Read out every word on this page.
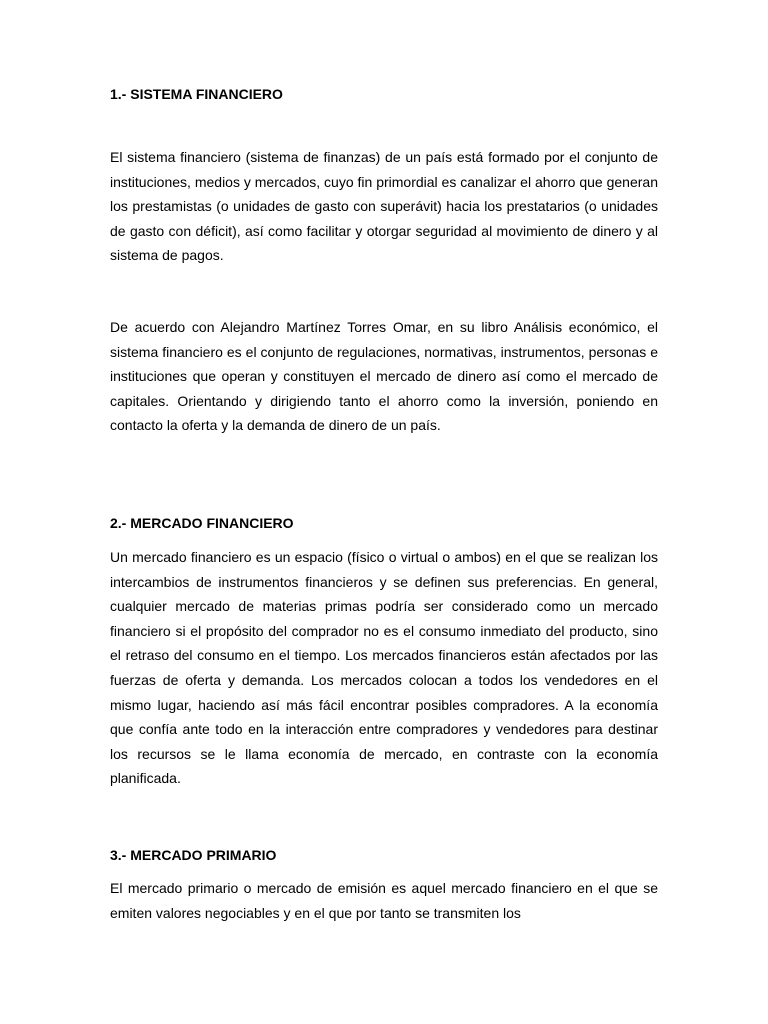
1.- SISTEMA FINANCIERO

El sistema financiero (sistema de finanzas) de un país está formado por el conjunto de instituciones, medios y mercados, cuyo fin primordial es canalizar el ahorro que generan los prestamistas (o unidades de gasto con superávit) hacia los prestatarios (o unidades de gasto con déficit), así como facilitar y otorgar seguridad al movimiento de dinero y al sistema de pagos.

De acuerdo con Alejandro Martínez Torres Omar, en su libro Análisis económico, el sistema financiero es el conjunto de regulaciones, normativas, instrumentos, personas e instituciones que operan y constituyen el mercado de dinero así como el mercado de capitales. Orientando y dirigiendo tanto el ahorro como la inversión, poniendo en contacto la oferta y la demanda de dinero de un país.

2.- MERCADO FINANCIERO

Un mercado financiero es un espacio (físico o virtual o ambos) en el que se realizan los intercambios de instrumentos financieros y se definen sus preferencias. En general, cualquier mercado de materias primas podría ser considerado como un mercado financiero si el propósito del comprador no es el consumo inmediato del producto, sino el retraso del consumo en el tiempo. Los mercados financieros están afectados por las fuerzas de oferta y demanda. Los mercados colocan a todos los vendedores en el mismo lugar, haciendo así más fácil encontrar posibles compradores. A la economía que confía ante todo en la interacción entre compradores y vendedores para destinar los recursos se le llama economía de mercado, en contraste con la economía planificada.

3.- MERCADO PRIMARIO

El mercado primario o mercado de emisión es aquel mercado financiero en el que se emiten valores negociables y en el que por tanto se transmiten los
